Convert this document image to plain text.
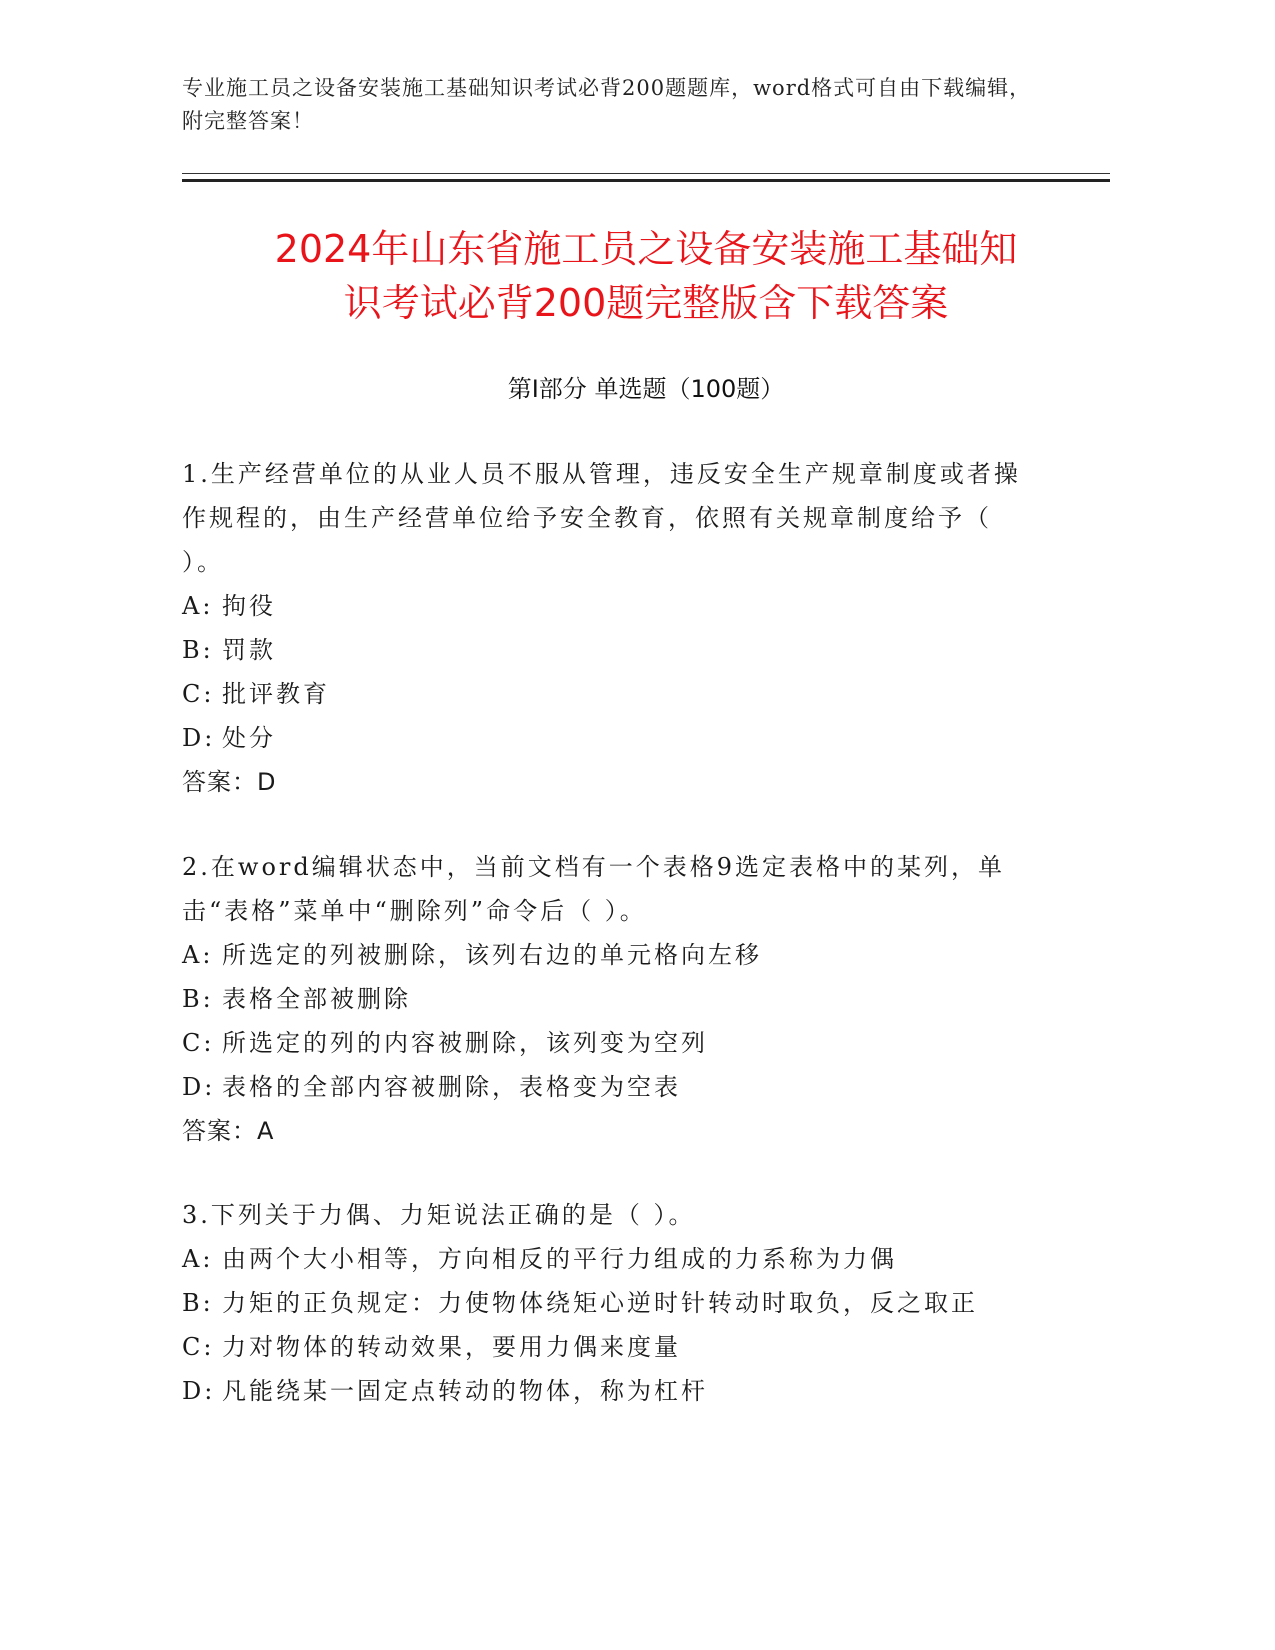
专业施工员之设备安装施工基础知识考试必背200题题库，word格式可自由下载编辑，附完整答案！
2024年山东省施工员之设备安装施工基础知
识考试必背200题完整版含下载答案
第Ⅰ部分 单选题（100题）
1.生产经营单位的从业人员不服从管理，违反安全生产规章制度或者操作规程的，由生产经营单位给予安全教育，依照有关规章制度给予（ ）。
A: 拘役
B: 罚款
C: 批评教育
D: 处分
答案：D
2.在word编辑状态中，当前文档有一个表格9选定表格中的某列，单击“表格”菜单中“删除列”命令后（ ）。
A: 所选定的列被删除，该列右边的单元格向左移
B: 表格全部被删除
C: 所选定的列的内容被删除，该列变为空列
D: 表格的全部内容被删除，表格变为空表
答案：A
3.下列关于力偶、力矩说法正确的是（ ）。
A: 由两个大小相等，方向相反的平行力组成的力系称为力偶
B: 力矩的正负规定：力使物体绕矩心逆时针转动时取负，反之取正
C: 力对物体的转动效果，要用力偶来度量
D: 凡能绕某一固定点转动的物体，称为杠杆
